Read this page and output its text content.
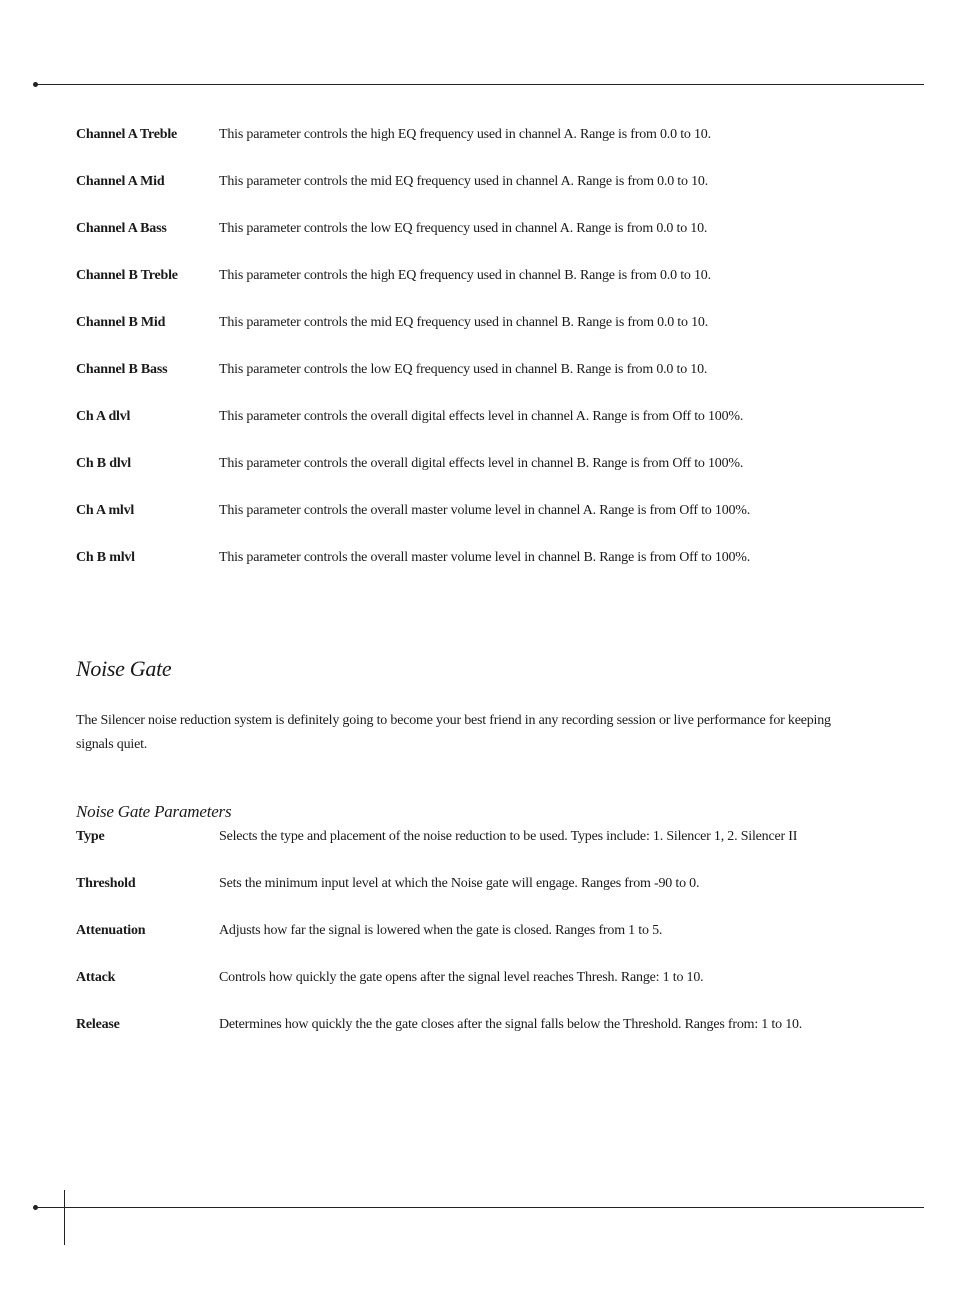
Channel A Treble	This parameter controls the high EQ frequency used in channel A. Range is from 0.0 to 10.
Channel A Mid	This parameter controls the mid EQ frequency used in channel A. Range is from 0.0 to 10.
Channel A Bass	This parameter controls the low EQ frequency used in channel A. Range is from 0.0 to 10.
Channel B Treble	This parameter controls the high EQ frequency used in channel B. Range is from 0.0 to 10.
Channel B Mid	This parameter controls the mid EQ frequency used in channel B. Range is from 0.0 to 10.
Channel B Bass	This parameter controls the low EQ frequency used in channel B. Range is from 0.0 to 10.
Ch A dlvl	This parameter controls the overall digital effects level in channel A. Range is from Off to 100%.
Ch B dlvl	This parameter controls the overall digital effects level in channel B. Range is from Off to 100%.
Ch A mlvl	This parameter controls the overall master volume level in channel A. Range is from Off to 100%.
Ch B mlvl	This parameter controls the overall master volume level in channel B. Range is from Off to 100%.
Noise Gate

The Silencer noise reduction system is definitely going to become your best friend in any recording session or live performance for keeping signals quiet.

Noise Gate Parameters
Type	Selects the type and placement of the noise reduction to be used. Types include: 1. Silencer 1, 2. Silencer II
Threshold	Sets the minimum input level at which the Noise gate will engage. Ranges from -90 to 0.
Attenuation	Adjusts how far the signal is lowered when the gate is closed. Ranges from 1 to 5.
Attack	Controls how quickly the gate opens after the signal level reaches Thresh. Range: 1 to 10.
Release	Determines how quickly the the gate closes after the signal falls below the Threshold. Ranges from: 1 to 10.
